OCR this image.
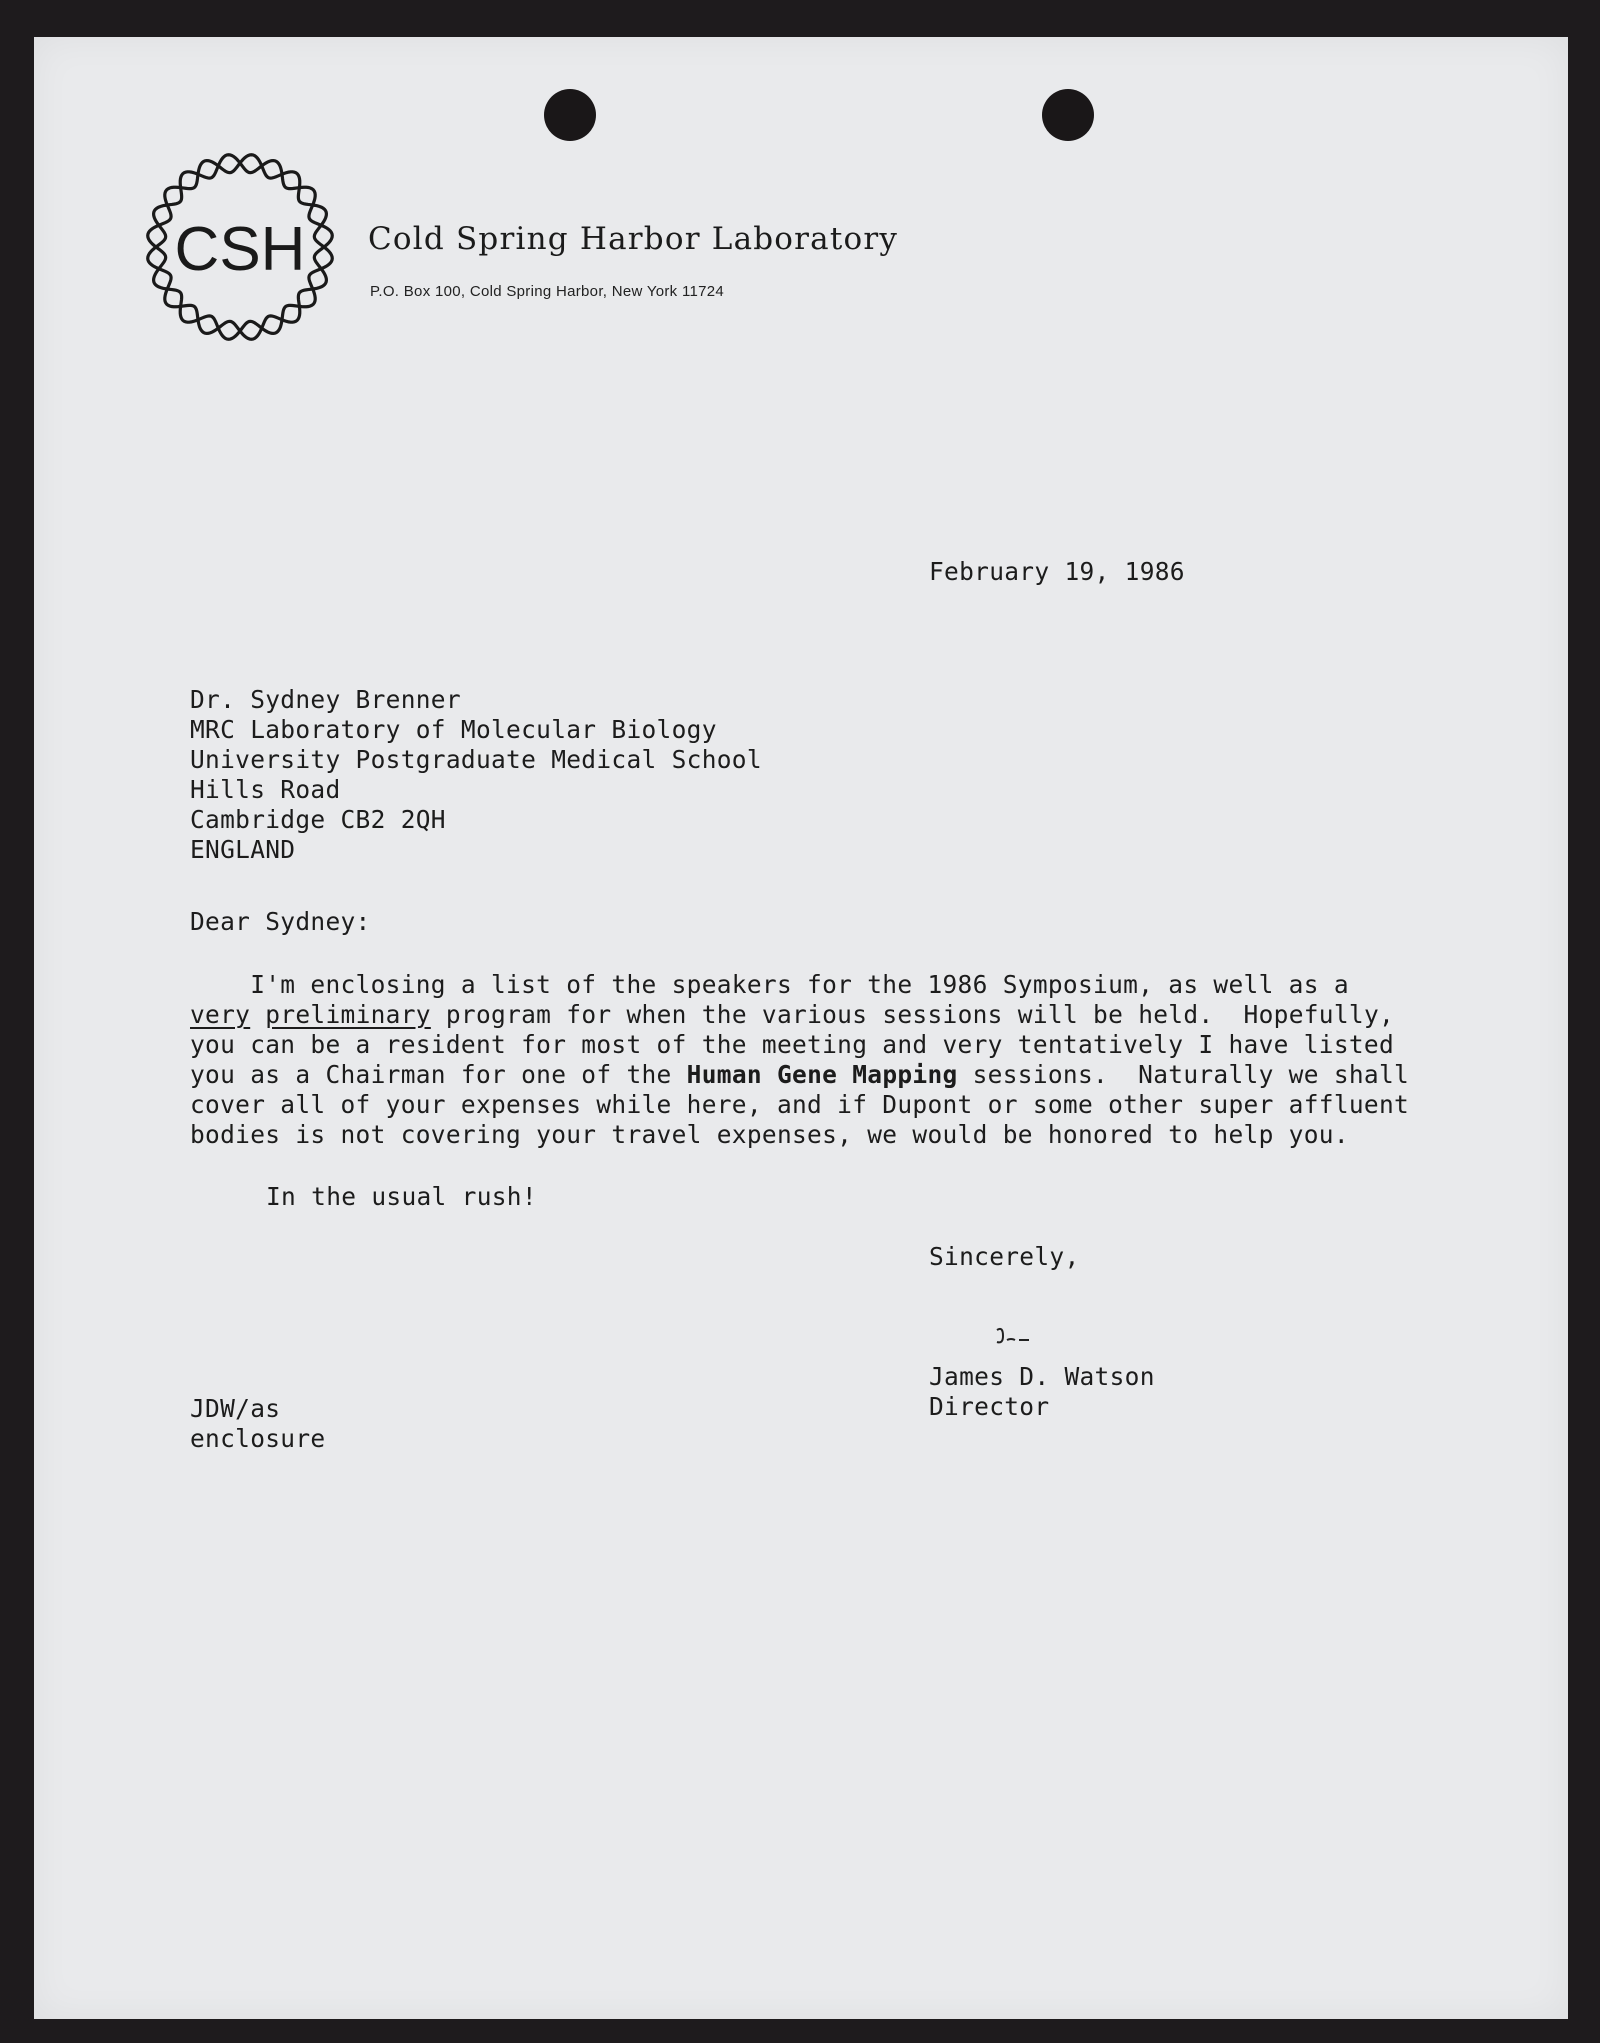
CSH Cold Spring Harbor Laboratory
P.O. Box 100, Cold Spring Harbor, New York 11724
February 19, 1986
Dr. Sydney Brenner
MRC Laboratory of Molecular Biology
University Postgraduate Medical School
Hills Road
Cambridge CB2 2QH
ENGLAND
Dear Sydney:
I'm enclosing a list of the speakers for the 1986 Symposium, as well as a
very preliminary program for when the various sessions will be held.  Hopefully,
you can be a resident for most of the meeting and very tentatively I have listed
you as a Chairman for one of the Human Gene Mapping sessions.  Naturally we shall
cover all of your expenses while here, and if Dupont or some other super affluent
bodies is not covering your travel expenses, we would be honored to help you.
In the usual rush!
Sincerely,
James D. Watson
Director
JDW/as
enclosure
